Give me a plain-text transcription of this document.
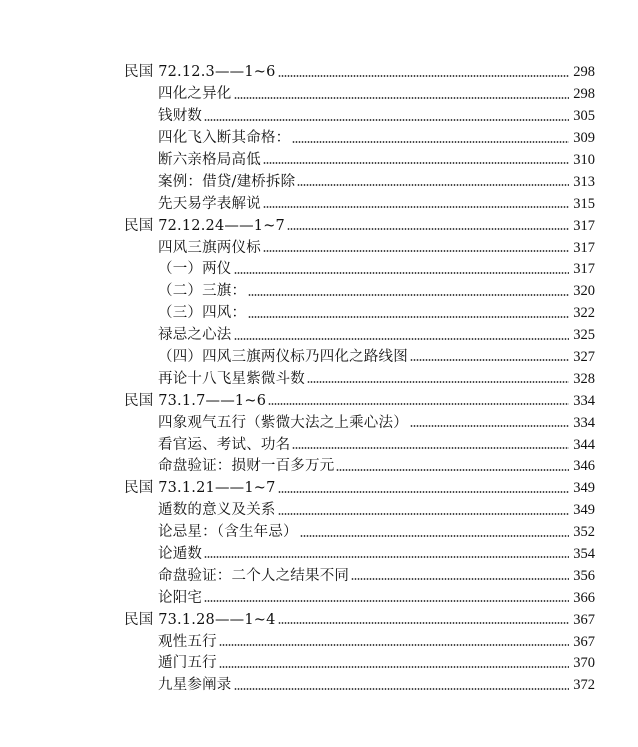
民国 72.12.3——1~6	298
四化之异化	298
钱财数	305
四化飞入断其命格：	309
断六亲格局高低	310
案例：借贷/建桥拆除	313
先天易学表解说	315
民国 72.12.24——1~7	317
四风三旗两仪标	317
（一）两仪	317
（二）三旗：	320
（三）四风：	322
禄忌之心法	325
（四）四风三旗两仪标乃四化之路线图	327
再论十八飞星紫微斗数	328
民国 73.1.7——1~6	334
四象观气五行（紫微大法之上乘心法）	334
看官运、考试、功名	344
命盘验证：损财一百多万元	346
民国 73.1.21——1~7	349
遁数的意义及关系	349
论忌星：（含生年忌）	352
论遁数	354
命盘验证：二个人之结果不同	356
论阳宅	366
民国 73.1.28——1~4	367
观性五行	367
遁门五行	370
九星参阐录	372
